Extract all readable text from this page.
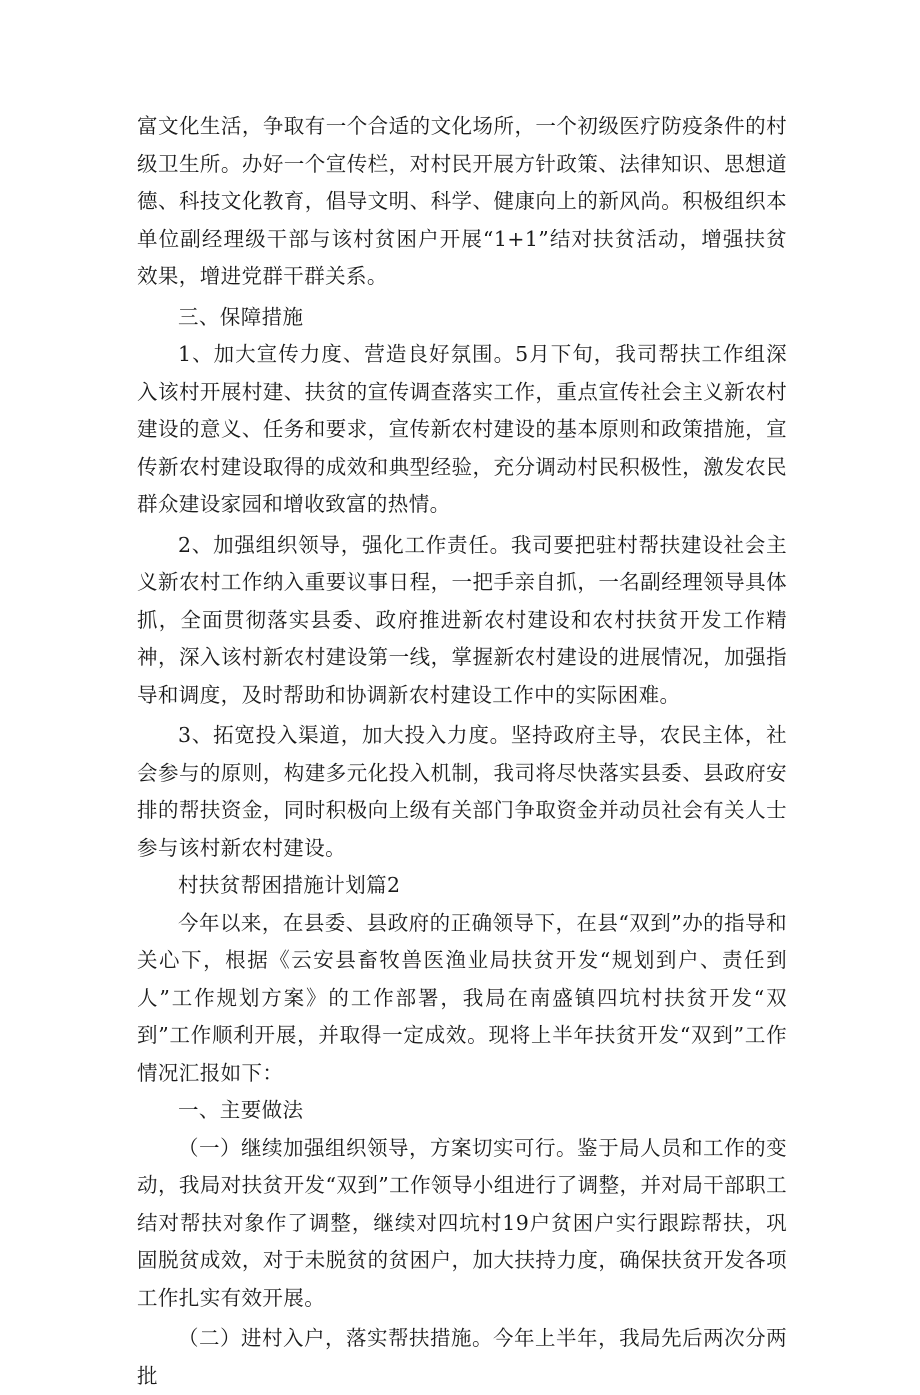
富文化生活，争取有一个合适的文化场所，一个初级医疗防疫条件的村级卫生所。办好一个宣传栏，对村民开展方针政策、法律知识、思想道德、科技文化教育，倡导文明、科学、健康向上的新风尚。积极组织本单位副经理级干部与该村贫困户开展“1+1”结对扶贫活动，增强扶贫效果，增进党群干群关系。

三、保障措施

1、加大宣传力度、营造良好氛围。5月下旬，我司帮扶工作组深入该村开展村建、扶贫的宣传调查落实工作，重点宣传社会主义新农村建设的意义、任务和要求，宣传新农村建设的基本原则和政策措施，宣传新农村建设取得的成效和典型经验，充分调动村民积极性，激发农民群众建设家园和增收致富的热情。

2、加强组织领导，强化工作责任。我司要把驻村帮扶建设社会主义新农村工作纳入重要议事日程，一把手亲自抓，一名副经理领导具体抓，全面贯彻落实县委、政府推进新农村建设和农村扶贫开发工作精神，深入该村新农村建设第一线，掌握新农村建设的进展情况，加强指导和调度，及时帮助和协调新农村建设工作中的实际困难。

3、拓宽投入渠道，加大投入力度。坚持政府主导，农民主体，社会参与的原则，构建多元化投入机制，我司将尽快落实县委、县政府安排的帮扶资金，同时积极向上级有关部门争取资金并动员社会有关人士参与该村新农村建设。

村扶贫帮困措施计划篇2

今年以来，在县委、县政府的正确领导下，在县“双到”办的指导和关心下，根据《云安县畜牧兽医渔业局扶贫开发“规划到户、责任到人”工作规划方案》的工作部署，我局在南盛镇四坑村扶贫开发“双到”工作顺利开展，并取得一定成效。现将上半年扶贫开发“双到”工作情况汇报如下：

一、主要做法

（一）继续加强组织领导，方案切实可行。鉴于局人员和工作的变动，我局对扶贫开发“双到”工作领导小组进行了调整，并对局干部职工结对帮扶对象作了调整，继续对四坑村19户贫困户实行跟踪帮扶，巩固脱贫成效，对于未脱贫的贫困户，加大扶持力度，确保扶贫开发各项工作扎实有效开展。

（二）进村入户，落实帮扶措施。今年上半年，我局先后两次分两批
